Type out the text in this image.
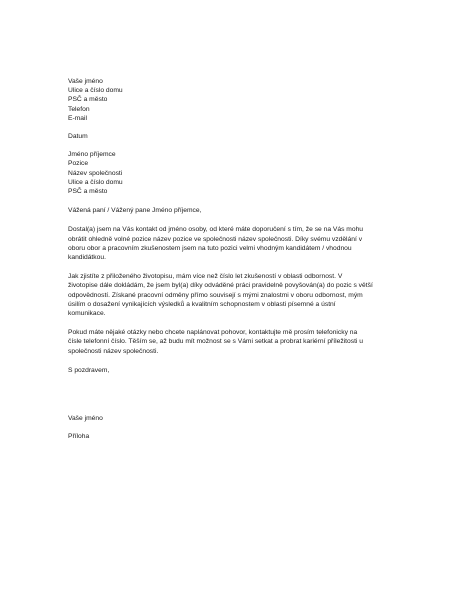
Vaše jméno
Ulice a číslo domu
PSČ a město
Telefon
E-mail
Datum
Jméno příjemce
Pozice
Název společnosti
Ulice a číslo domu
PSČ a město
Vážená paní / Vážený pane Jméno příjemce,
Dostal(a) jsem na Vás kontakt od jméno osoby, od které máte doporučení s tím, že se na Vás mohu
obrátit ohledně volné pozice název pozice ve společnosti název společnosti. Díky svému vzdělání v
oboru obor a pracovním zkušenostem jsem na tuto pozici velmi vhodným kandidátem / vhodnou
kandidátkou.
Jak zjistíte z přiloženého životopisu, mám více než číslo let zkušeností v oblasti odbornost. V
životopise dále dokládám, že jsem byl(a) díky odváděné práci pravidelně povyšován(a) do pozic s větší
odpovědností. Získané pracovní odměny přímo souvisejí s mými znalostmi v oboru odbornost, mým
úsilím o dosažení vynikajících výsledků a kvalitním schopnostem v oblasti písemné a ústní
komunikace.
Pokud máte nějaké otázky nebo chcete naplánovat pohovor, kontaktujte mě prosím telefonicky na
čísle telefonní číslo. Těším se, až budu mít možnost se s Vámi setkat a probrat kariérní příležitosti u
společnosti název společnosti.
S pozdravem,
Vaše jméno
Příloha
